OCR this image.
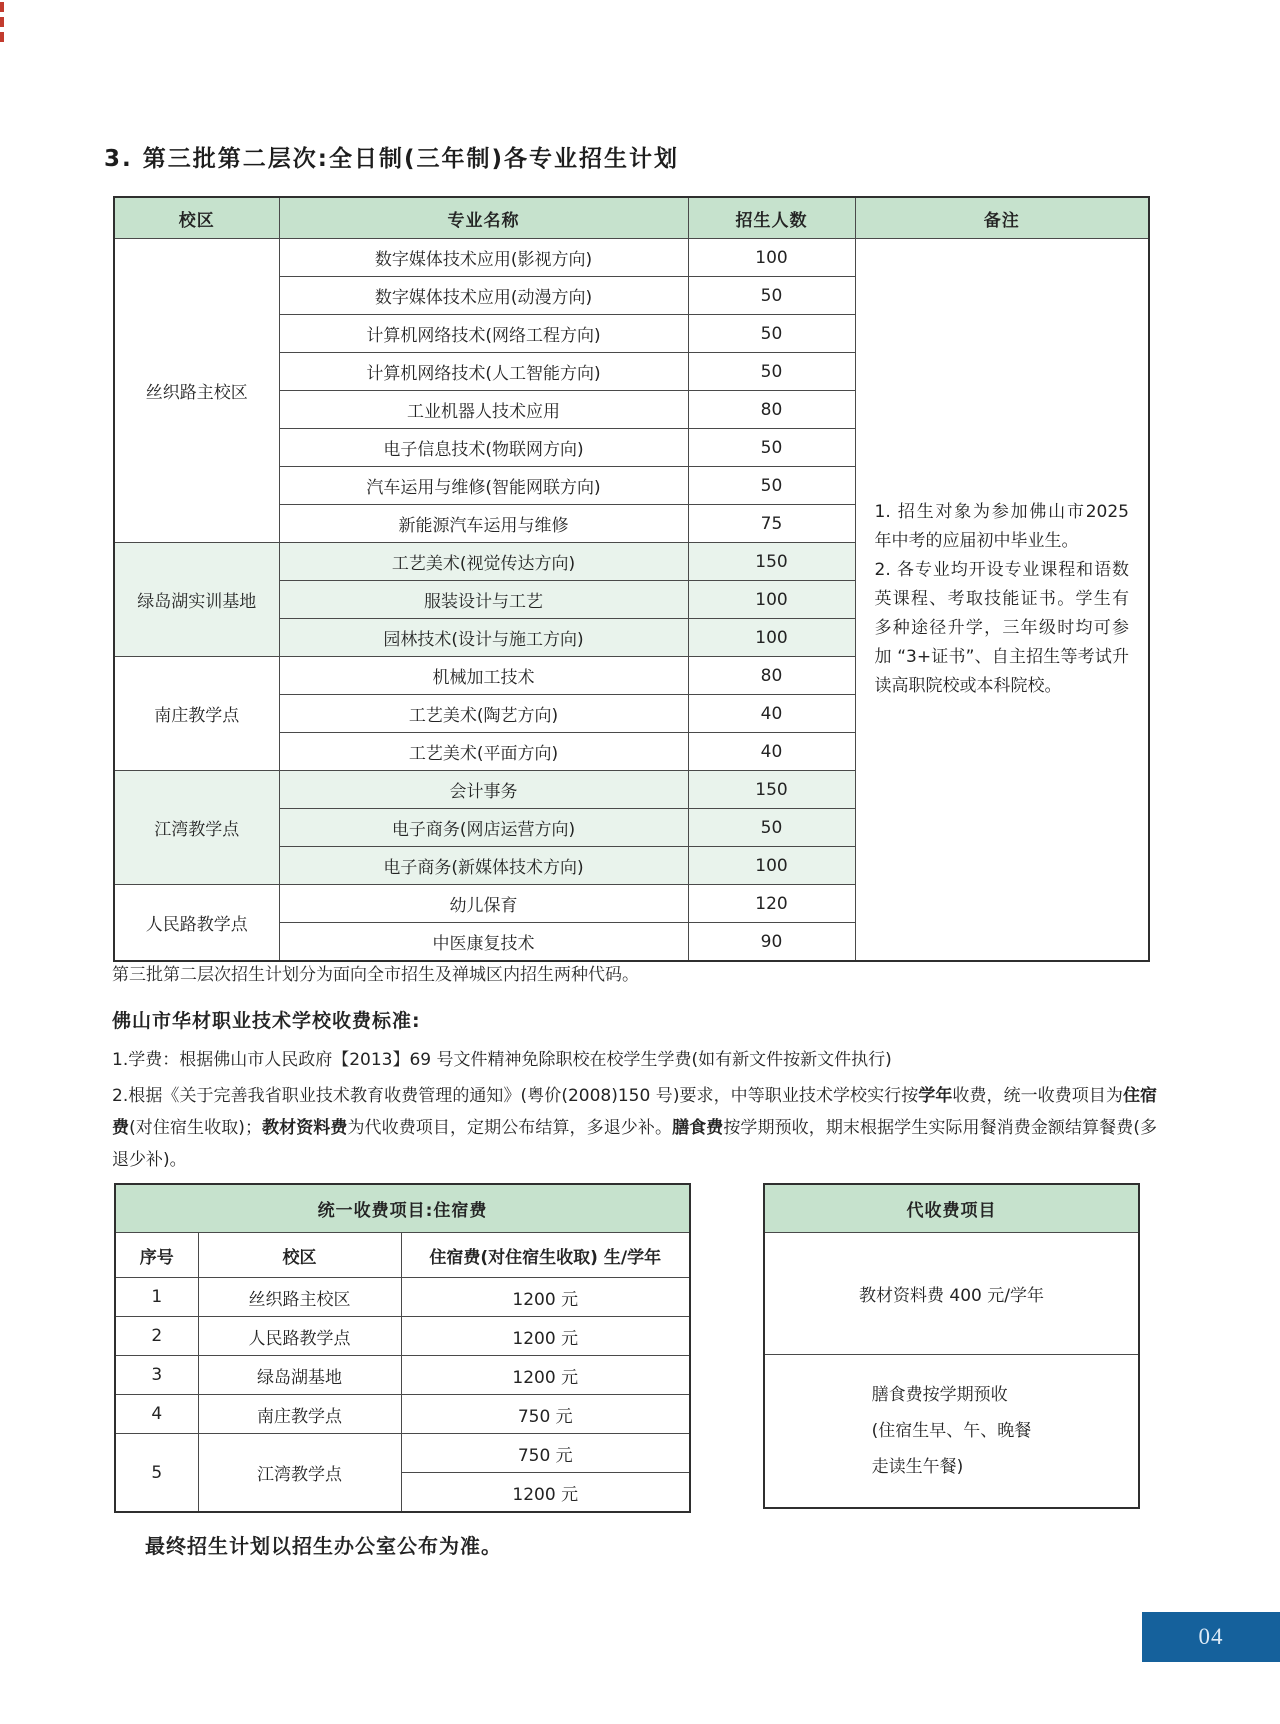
3. 第三批第二层次:全日制(三年制)各专业招生计划
校区	专业名称	招生人数	备注
丝织路主校区	数字媒体技术应用(影视方向)	100	1. 招生对象为参加佛山市2025 年中考的应届初中毕业生。

2. 各专业均开设专业课程和语数英课程、考取技能证书。学生有多种途径升学，三年级时均可参加 “3+证书”、自主招生等考试升读高职院校或本科院校。

	数字媒体技术应用(动漫方向)	50	
	计算机网络技术(网络工程方向)	50	
	计算机网络技术(人工智能方向)	50	
	工业机器人技术应用	80	
	电子信息技术(物联网方向)	50	
	汽车运用与维修(智能网联方向)	50	
	新能源汽车运用与维修	75	
绿岛湖实训基地	工艺美术(视觉传达方向)	150	
	服装设计与工艺	100	
	园林技术(设计与施工方向)	100	
南庄教学点	机械加工技术	80	
	工艺美术(陶艺方向)	40	
	工艺美术(平面方向)	40	
江湾教学点	会计事务	150	
	电子商务(网店运营方向)	50	
	电子商务(新媒体技术方向)	100	
人民路教学点	幼儿保育	120	
	中医康复技术	90	
第三批第二层次招生计划分为面向全市招生及禅城区内招生两种代码。
佛山市华材职业技术学校收费标准:
1.学费：根据佛山市人民政府【2013】69 号文件精神免除职校在校学生学费(如有新文件按新文件执行)
2.根据《关于完善我省职业技术教育收费管理的通知》(粤价(2008)150 号)要求，中等职业技术学校实行按学年收费，统一收费项目为住宿费(对住宿生收取)；教材资料费为代收费项目，定期公布结算，多退少补。膳食费按学期预收，期末根据学生实际用餐消费金额结算餐费(多退少补)。
统一收费项目:住宿费		
序号	校区	住宿费(对住宿生收取) 生/学年
1	丝织路主校区	1200 元
2	人民路教学点	1200 元
3	绿岛湖基地	1200 元
4	南庄教学点	750 元
5	江湾教学点	750 元
		1200 元
代收费项目
教材资料费 400 元/学年

膳食费按学期预收
(住宿生早、午、晚餐
走读生午餐)
最终招生计划以招生办公室公布为准。
04
